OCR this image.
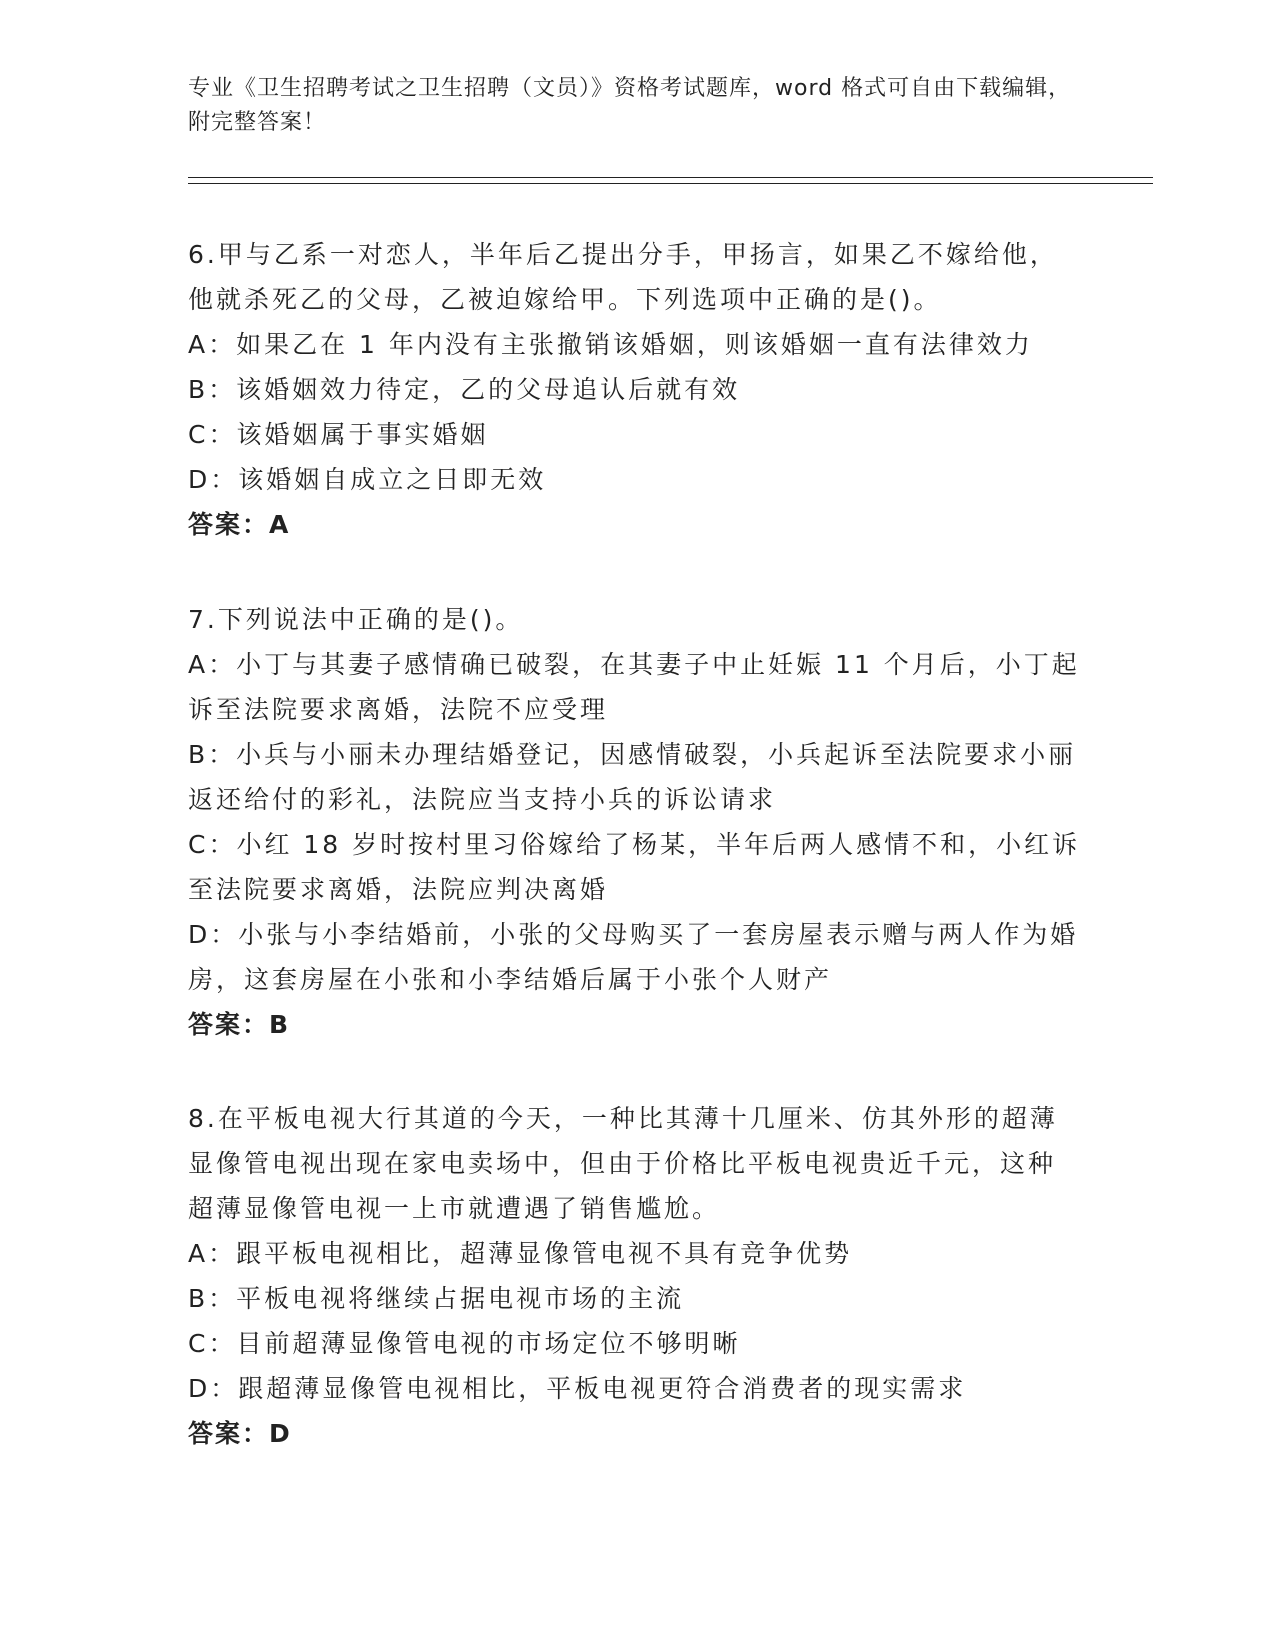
专业《卫生招聘考试之卫生招聘（文员）》资格考试题库，word 格式可自由下载编辑，附完整答案！
6.甲与乙系一对恋人，半年后乙提出分手，甲扬言，如果乙不嫁给他，他就杀死乙的父母，乙被迫嫁给甲。下列选项中正确的是()。
A：如果乙在 1 年内没有主张撤销该婚姻，则该婚姻一直有法律效力
B：该婚姻效力待定，乙的父母追认后就有效
C：该婚姻属于事实婚姻
D：该婚姻自成立之日即无效
答案：A
7.下列说法中正确的是()。
A：小丁与其妻子感情确已破裂，在其妻子中止妊娠 11 个月后，小丁起诉至法院要求离婚，法院不应受理
B：小兵与小丽未办理结婚登记，因感情破裂，小兵起诉至法院要求小丽返还给付的彩礼，法院应当支持小兵的诉讼请求
C：小红 18 岁时按村里习俗嫁给了杨某，半年后两人感情不和，小红诉至法院要求离婚，法院应判决离婚
D：小张与小李结婚前，小张的父母购买了一套房屋表示赠与两人作为婚房，这套房屋在小张和小李结婚后属于小张个人财产
答案：B
8.在平板电视大行其道的今天，一种比其薄十几厘米、仿其外形的超薄显像管电视出现在家电卖场中，但由于价格比平板电视贵近千元，这种超薄显像管电视一上市就遭遇了销售尴尬。
A：跟平板电视相比，超薄显像管电视不具有竞争优势
B：平板电视将继续占据电视市场的主流
C：目前超薄显像管电视的市场定位不够明晰
D：跟超薄显像管电视相比，平板电视更符合消费者的现实需求
答案：D
